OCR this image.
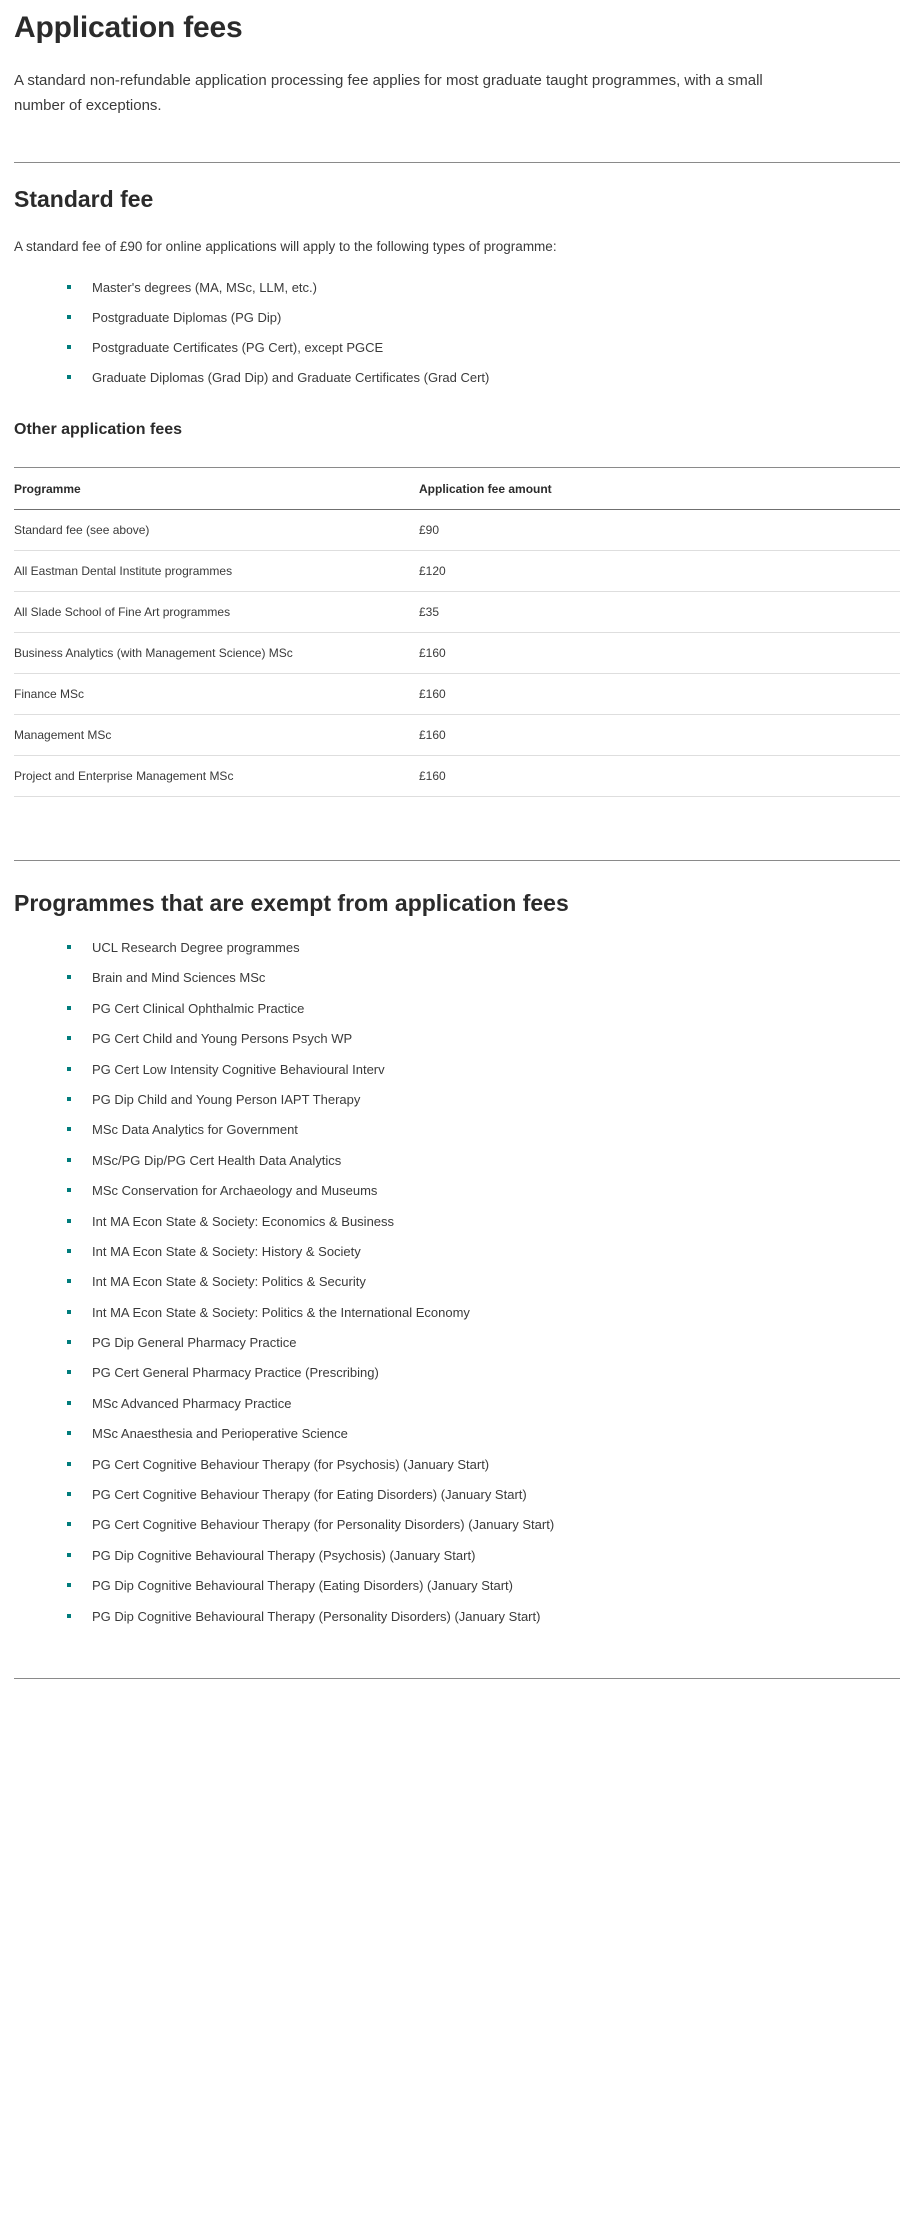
Application fees

A standard non-refundable application processing fee applies for most graduate taught programmes, with a small number of exceptions.

Standard fee

A standard fee of £90 for online applications will apply to the following types of programme:

Master's degrees (MA, MSc, LLM, etc.)
Postgraduate Diplomas (PG Dip)
Postgraduate Certificates (PG Cert), except PGCE
Graduate Diplomas (Grad Dip) and Graduate Certificates (Grad Cert)
Other application fees
Programme	Application fee amount
Standard fee (see above)	£90
All Eastman Dental Institute programmes	£120
All Slade School of Fine Art programmes	£35
Business Analytics (with Management Science) MSc	£160
Finance MSc	£160
Management MSc	£160
Project and Enterprise Management MSc	£160
Programmes that are exempt from application fees
UCL Research Degree programmes
Brain and Mind Sciences MSc
PG Cert Clinical Ophthalmic Practice
PG Cert Child and Young Persons Psych WP
PG Cert Low Intensity Cognitive Behavioural Interv
PG Dip Child and Young Person IAPT Therapy
MSc Data Analytics for Government
MSc/PG Dip/PG Cert Health Data Analytics
MSc Conservation for Archaeology and Museums
Int MA Econ State & Society: Economics & Business
Int MA Econ State & Society: History & Society
Int MA Econ State & Society: Politics & Security
Int MA Econ State & Society: Politics & the International Economy
PG Dip General Pharmacy Practice
PG Cert General Pharmacy Practice (Prescribing)
MSc Advanced Pharmacy Practice
MSc Anaesthesia and Perioperative Science
PG Cert Cognitive Behaviour Therapy (for Psychosis) (January Start)
PG Cert Cognitive Behaviour Therapy (for Eating Disorders) (January Start)
PG Cert Cognitive Behaviour Therapy (for Personality Disorders) (January Start)
PG Dip Cognitive Behavioural Therapy (Psychosis) (January Start)
PG Dip Cognitive Behavioural Therapy (Eating Disorders) (January Start)
PG Dip Cognitive Behavioural Therapy (Personality Disorders) (January Start)
